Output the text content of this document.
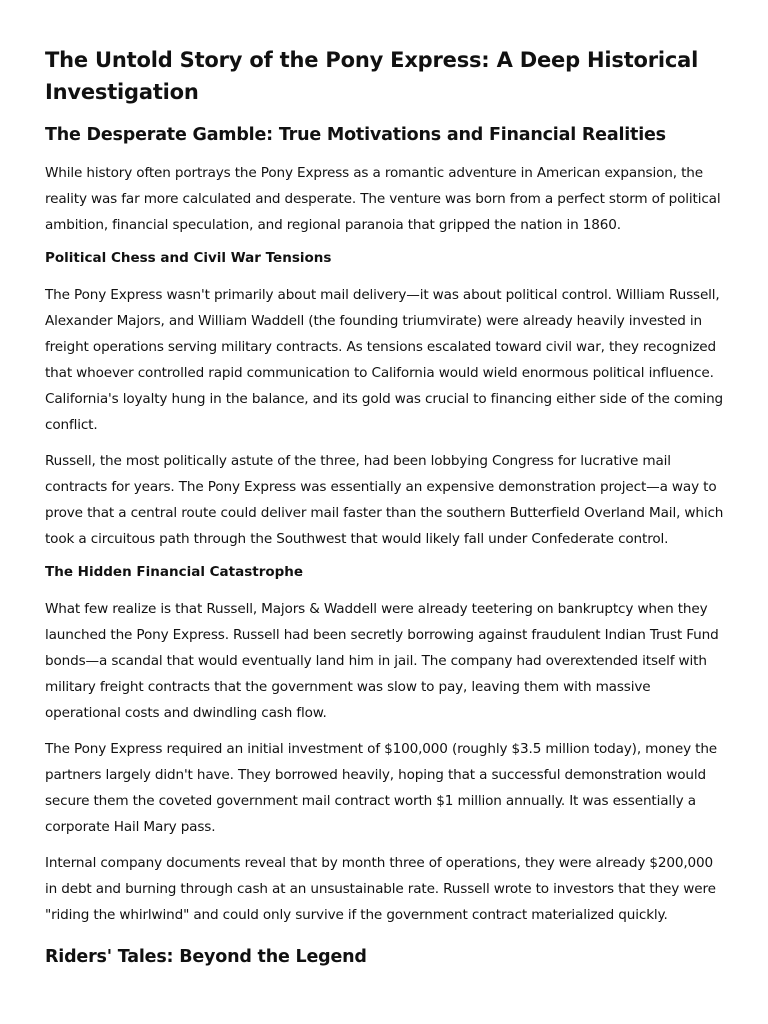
The Untold Story of the Pony Express: A Deep Historical Investigation
The Desperate Gamble: True Motivations and Financial Realities

While history often portrays the Pony Express as a romantic adventure in American expansion, the reality was far more calculated and desperate. The venture was born from a perfect storm of political ambition, financial speculation, and regional paranoia that gripped the nation in 1860.

Political Chess and Civil War Tensions

The Pony Express wasn't primarily about mail delivery—it was about political control. William Russell, Alexander Majors, and William Waddell (the founding triumvirate) were already heavily invested in freight operations serving military contracts. As tensions escalated toward civil war, they recognized that whoever controlled rapid communication to California would wield enormous political influence. California's loyalty hung in the balance, and its gold was crucial to financing either side of the coming conflict.

Russell, the most politically astute of the three, had been lobbying Congress for lucrative mail contracts for years. The Pony Express was essentially an expensive demonstration project—a way to prove that a central route could deliver mail faster than the southern Butterfield Overland Mail, which took a circuitous path through the Southwest that would likely fall under Confederate control.

The Hidden Financial Catastrophe

What few realize is that Russell, Majors & Waddell were already teetering on bankruptcy when they launched the Pony Express. Russell had been secretly borrowing against fraudulent Indian Trust Fund bonds—a scandal that would eventually land him in jail. The company had overextended itself with military freight contracts that the government was slow to pay, leaving them with massive operational costs and dwindling cash flow.

The Pony Express required an initial investment of $100,000 (roughly $3.5 million today), money the partners largely didn't have. They borrowed heavily, hoping that a successful demonstration would secure them the coveted government mail contract worth $1 million annually. It was essentially a corporate Hail Mary pass.

Internal company documents reveal that by month three of operations, they were already $200,000 in debt and burning through cash at an unsustainable rate. Russell wrote to investors that they were "riding the whirlwind" and could only survive if the government contract materialized quickly.

Riders' Tales: Beyond the Legend
